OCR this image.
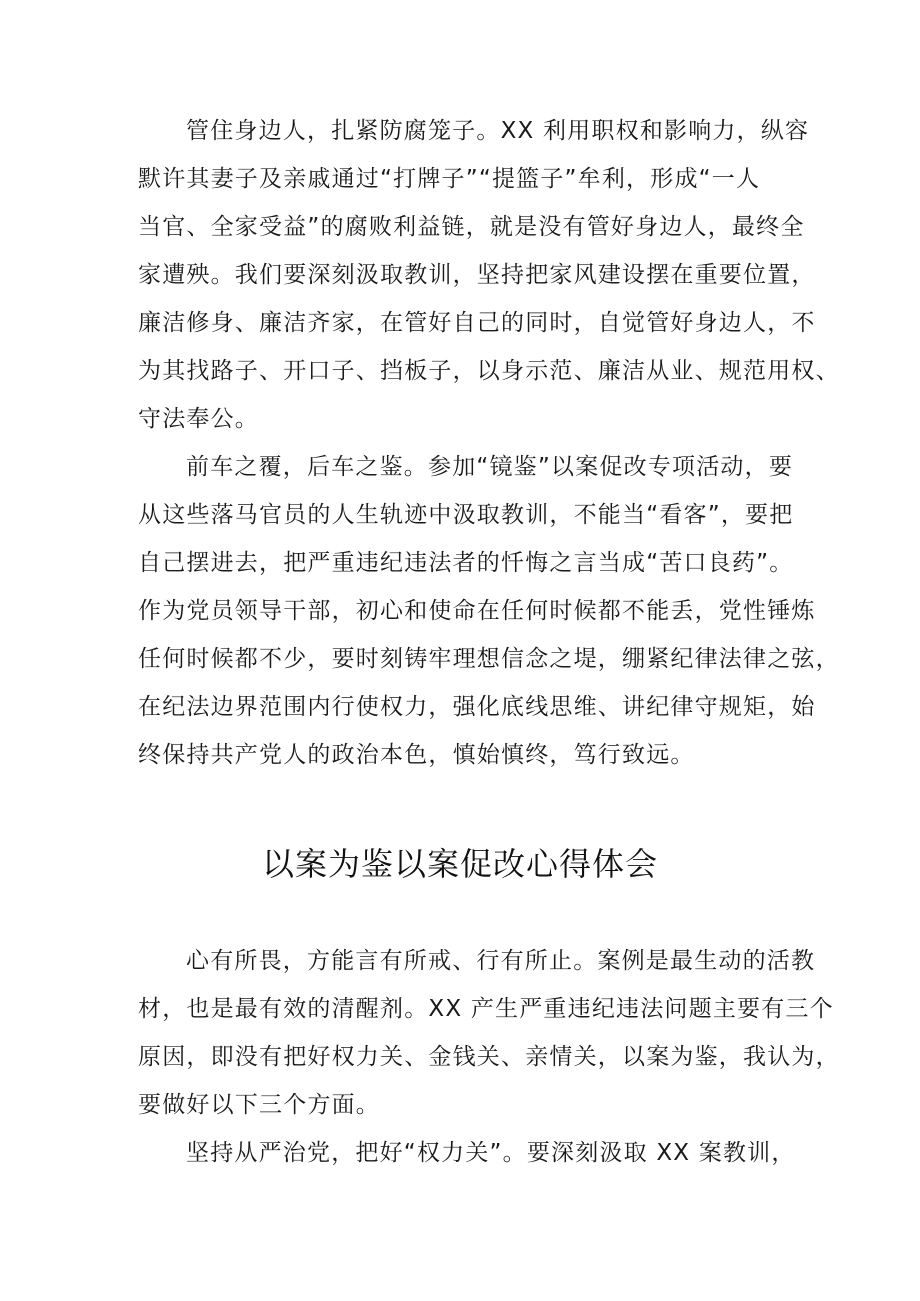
管住身边人，扎紧防腐笼子。XX 利用职权和影响力，纵容
默许其妻子及亲戚通过“打牌子”“提篮子”牟利，形成“一人
当官、全家受益”的腐败利益链，就是没有管好身边人，最终全
家遭殃。我们要深刻汲取教训，坚持把家风建设摆在重要位置，
廉洁修身、廉洁齐家，在管好自己的同时，自觉管好身边人，不
为其找路子、开口子、挡板子，以身示范、廉洁从业、规范用权、
守法奉公。
前车之覆，后车之鉴。参加“镜鉴”以案促改专项活动，要
从这些落马官员的人生轨迹中汲取教训，不能当“看客”，要把
自己摆进去，把严重违纪违法者的忏悔之言当成“苦口良药”。
作为党员领导干部，初心和使命在任何时候都不能丢，党性锤炼
任何时候都不少，要时刻铸牢理想信念之堤，绷紧纪律法律之弦，
在纪法边界范围内行使权力，强化底线思维、讲纪律守规矩，始
终保持共产党人的政治本色，慎始慎终，笃行致远。
以案为鉴以案促改心得体会
心有所畏，方能言有所戒、行有所止。案例是最生动的活教
材，也是最有效的清醒剂。XX 产生严重违纪违法问题主要有三个
原因，即没有把好权力关、金钱关、亲情关，以案为鉴，我认为，
要做好以下三个方面。
坚持从严治党，把好“权力关”。要深刻汲取 XX 案教训，
